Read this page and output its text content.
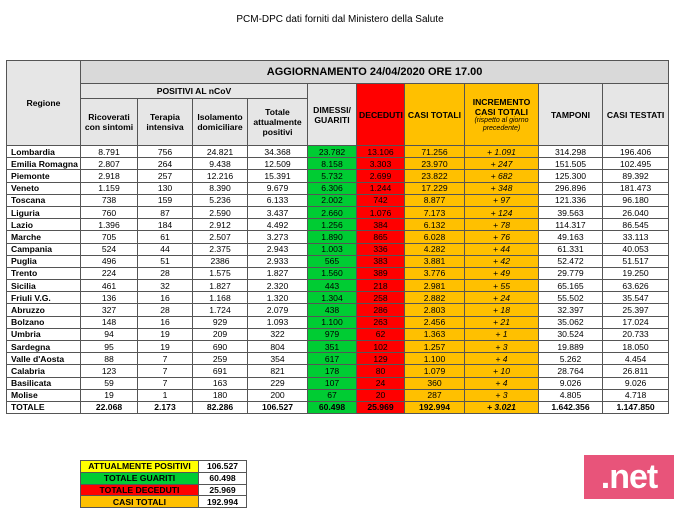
PCM-DPC dati forniti dal Ministero della Salute
Regione	AGGIORNAMENTO 24/04/2020 ORE 17.00									
	POSITIVI AL nCoV				DIMESSI/ GUARITI	DECEDUTI	CASI TOTALI	INCREMENTO CASI TOTALI
(rispetto al giorno precedente)	TAMPONI	CASI TESTATI
	Ricoverati con sintomi	Terapia intensiva	Isolamento domiciliare	Totale attualmente positivi						
Lombardia	8.791	756	24.821	34.368	23.782	13.106	71.256	+ 1.091	314.298	196.406
Emilia Romagna	2.807	264	9.438	12.509	8.158	3.303	23.970	+ 247	151.505	102.495
Piemonte	2.918	257	12.216	15.391	5.732	2.699	23.822	+ 682	125.300	89.392
Veneto	1.159	130	8.390	9.679	6.306	1.244	17.229	+ 348	296.896	181.473
Toscana	738	159	5.236	6.133	2.002	742	8.877	+ 97	121.336	96.180
Liguria	760	87	2.590	3.437	2.660	1.076	7.173	+ 124	39.563	26.040
Lazio	1.396	184	2.912	4.492	1.256	384	6.132	+ 78	114.317	86.545
Marche	705	61	2.507	3.273	1.890	865	6.028	+ 76	49.163	33.113
Campania	524	44	2.375	2.943	1.003	336	4.282	+ 44	61.331	40.053
Puglia	496	51	2386	2.933	565	383	3.881	+ 42	52.472	51.517
Trento	224	28	1.575	1.827	1.560	389	3.776	+ 49	29.779	19.250
Sicilia	461	32	1.827	2.320	443	218	2.981	+ 55	65.165	63.626
Friuli V.G.	136	16	1.168	1.320	1.304	258	2.882	+ 24	55.502	35.547
Abruzzo	327	28	1.724	2.079	438	286	2.803	+ 18	32.397	25.397
Bolzano	148	16	929	1.093	1.100	263	2.456	+ 21	35.062	17.024
Umbria	94	19	209	322	979	62	1.363	+ 1	30.524	20.733
Sardegna	95	19	690	804	351	102	1.257	+ 3	19.889	18.050
Valle d'Aosta	88	7	259	354	617	129	1.100	+ 4	5.262	4.454
Calabria	123	7	691	821	178	80	1.079	+ 10	28.764	26.811
Basilicata	59	7	163	229	107	24	360	+ 4	9.026	9.026
Molise	19	1	180	200	67	20	287	+ 3	4.805	4.718
TOTALE	22.068	2.173	82.286	106.527	60.498	25.969	192.994	+ 3.021	1.642.356	1.147.850
ATTUALMENTE POSITIVI	106.527
TOTALE GUARITI	60.498
TOTALE DECEDUTI	25.969
CASI TOTALI	192.994
.net
